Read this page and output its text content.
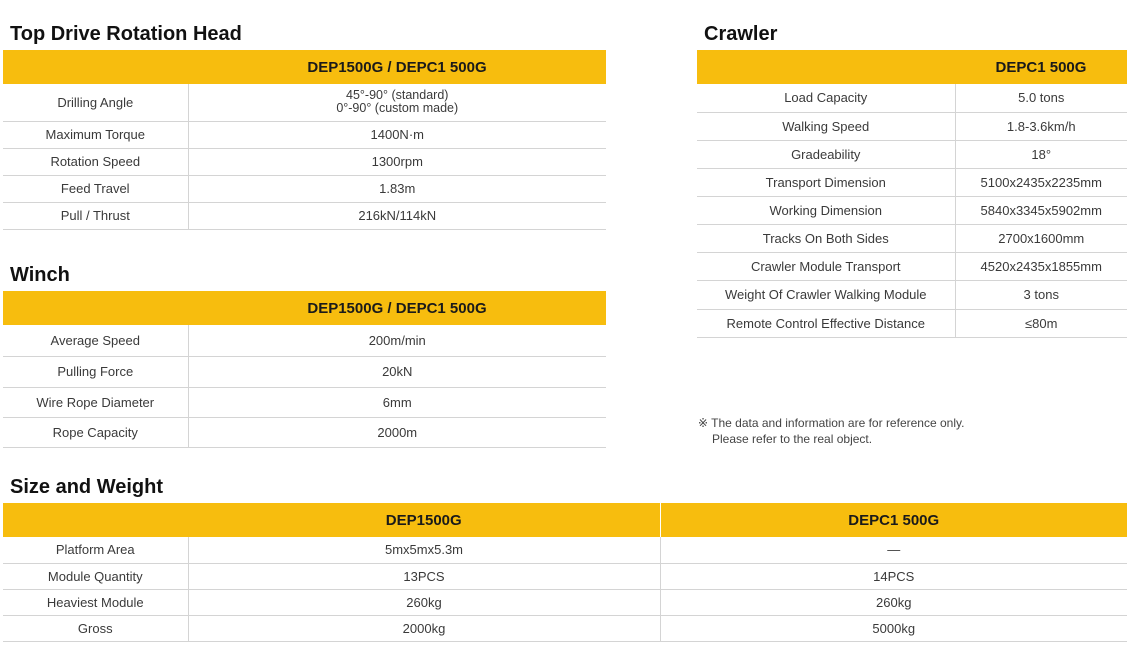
Top Drive Rotation Head
	DEP1500G / DEPC1 500G
Drilling Angle	45°-90° (standard)
0°-90° (custom made)

Maximum Torque	1400N·m
Rotation Speed	1300rpm
Feed Travel	1.83m
Pull / Thrust	216kN/114kN
Winch
	DEP1500G / DEPC1 500G
Average Speed	200m/min
Pulling Force	20kN
Wire Rope Diameter	6mm
Rope Capacity	2000m
Crawler
	DEPC1 500G
Load Capacity	5.0 tons
Walking Speed	1.8-3.6km/h
Gradeability	18°
Transport Dimension	5100x2435x2235mm
Working Dimension	5840x3345x5902mm
Tracks On Both Sides	2700x1600mm
Crawler Module Transport	4520x2435x1855mm
Weight Of Crawler Walking Module	3 tons
Remote Control Effective Distance	≤80m
※ The data and information are for reference only.
Please refer to the real object.
Size and Weight
	DEP1500G	DEPC1 500G
Platform Area	5mx5mx5.3m	—
Module Quantity	13PCS	14PCS
Heaviest Module	260kg	260kg
Gross	2000kg	5000kg
